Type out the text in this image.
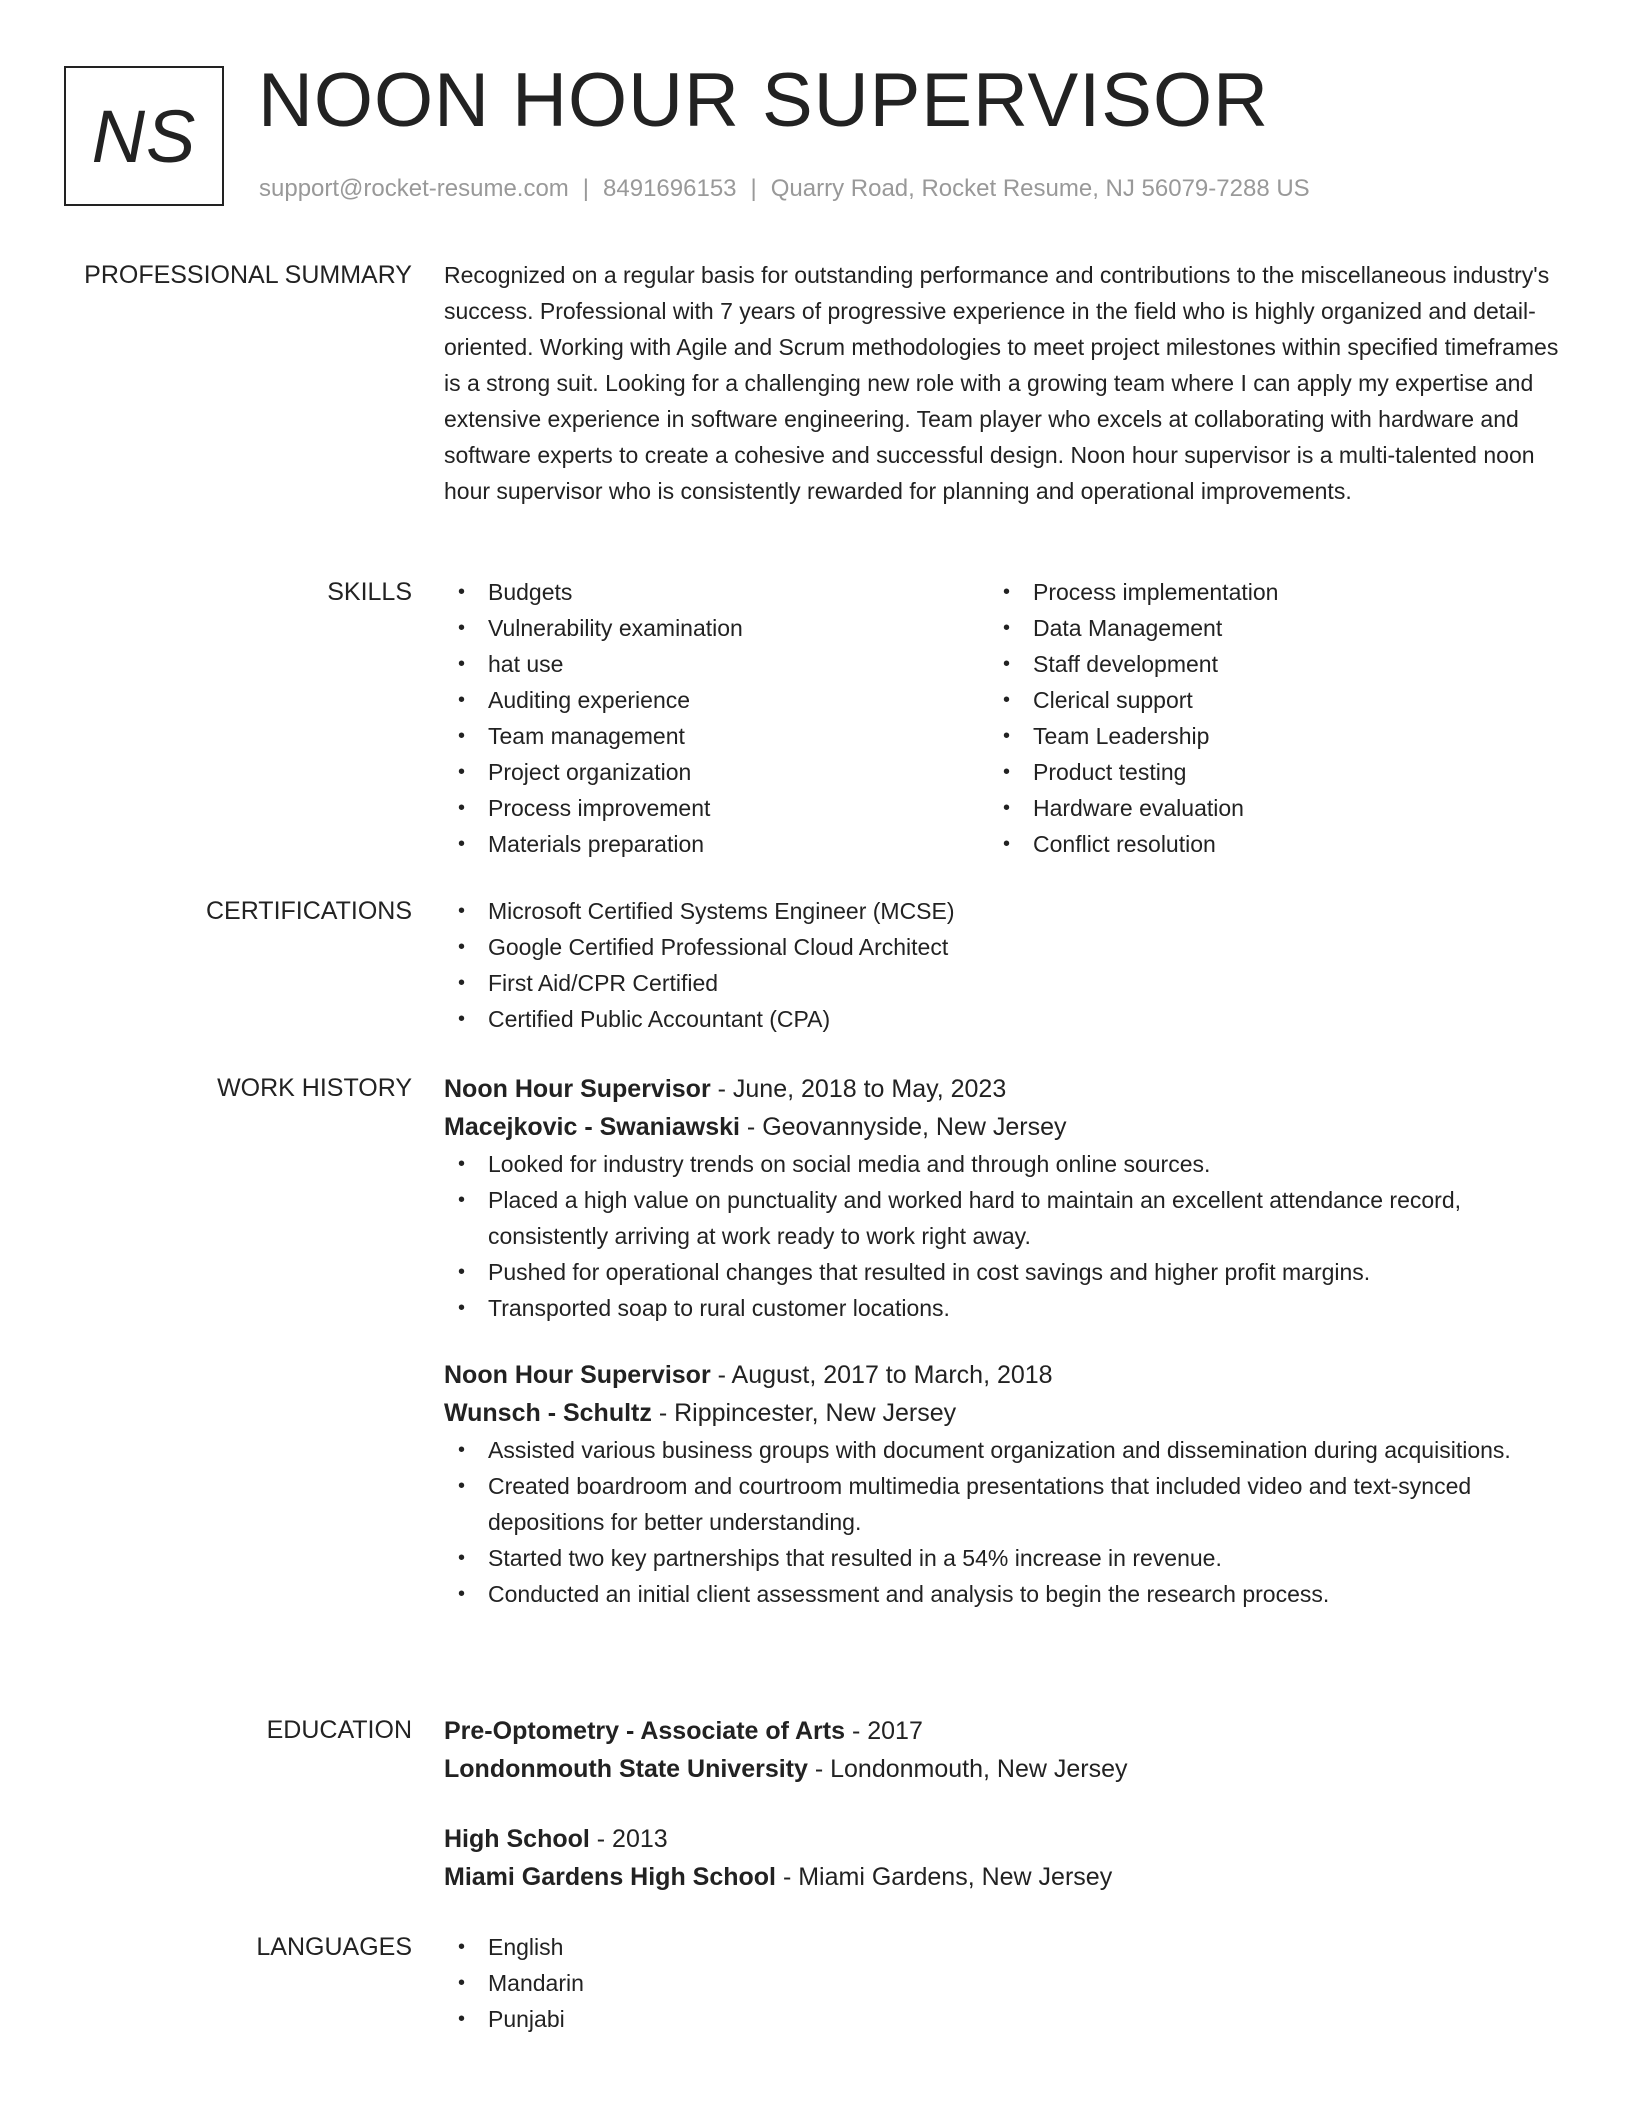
NS NOON HOUR SUPERVISOR
support@rocket-resume.com | 8491696153 | Quarry Road, Rocket Resume, NJ 56079-7288 US
PROFESSIONAL SUMMARY Recognized on a regular basis for outstanding performance and contributions to the miscellaneous industry's success. Professional with 7 years of progressive experience in the field who is highly organized and detail-oriented. Working with Agile and Scrum methodologies to meet project milestones within specified timeframes is a strong suit. Looking for a challenging new role with a growing team where I can apply my expertise and extensive experience in software engineering. Team player who excels at collaborating with hardware and software experts to create a cohesive and successful design. Noon hour supervisor is a multi-talented noon hour supervisor who is consistently rewarded for planning and operational improvements.

SKILLS	• Budgets
• Vulnerability examination
• hat use
• Auditing experience
• Team management
• Project organization
• Process improvement
• Materials preparation
• Process implementation
• Data Management
• Staff development
• Clerical support
• Team Leadership
• Product testing
• Hardware evaluation
• Conflict resolution
CERTIFICATIONS	• Microsoft Certified Systems Engineer (MCSE)
• Google Certified Professional Cloud Architect
• First Aid/CPR Certified
• Certified Public Accountant (CPA)
WORK HISTORY Noon Hour Supervisor - June, 2018 to May, 2023

Macejkovic - Swaniawski - Geovannyside, New Jersey

• Looked for industry trends on social media and through online sources.
• Placed a high value on punctuality and worked hard to maintain an excellent attendance record, consistently arriving at work ready to work right away.
• Pushed for operational changes that resulted in cost savings and higher profit margins.
• Transported soap to rural customer locations.

Noon Hour Supervisor - August, 2017 to March, 2018

Wunsch - Schultz - Rippincester, New Jersey

• Assisted various business groups with document organization and dissemination during acquisitions.
• Created boardroom and courtroom multimedia presentations that included video and text-synced depositions for better understanding.
• Started two key partnerships that resulted in a 54% increase in revenue.
• Conducted an initial client assessment and analysis to begin the research process.
EDUCATION Pre-Optometry - Associate of Arts - 2017

Londonmouth State University - Londonmouth, New Jersey

High School - 2013

Miami Gardens High School - Miami Gardens, New Jersey

LANGUAGES	• English
• Mandarin
• Punjabi
